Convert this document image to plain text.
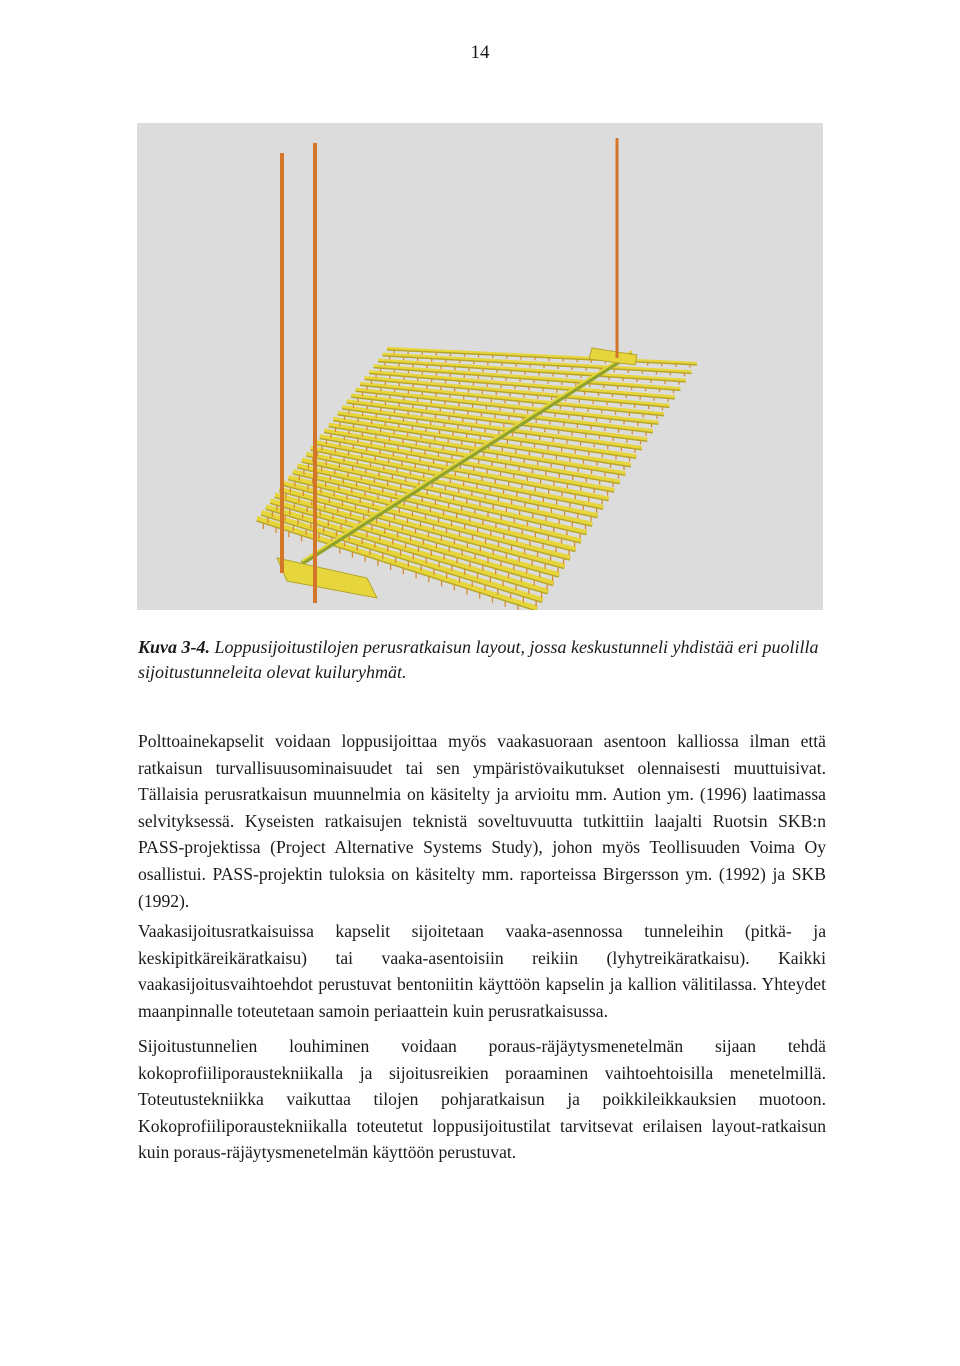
14
Kuva 3-4. Loppusijoitustilojen perusratkaisun layout, jossa keskustunneli yhdistää eri puolilla sijoitustunneleita olevat kuiluryhmät.

Polttoainekapselit voidaan loppusijoittaa myös vaakasuoraan asentoon kalliossa ilman että ratkaisun turvallisuusominaisuudet tai sen ympäristövaikutukset olennaisesti muuttuisivat. Tällaisia perusratkaisun muunnelmia on käsitelty ja arvioitu mm. Aution ym. (1996) laatimassa selvityksessä. Kyseisten ratkaisujen teknistä soveltuvuutta tutkittiin laajalti Ruotsin SKB:n PASS-projektissa (Project Alternative Systems Study), johon myös Teollisuuden Voima Oy osallistui. PASS-projektin tuloksia on käsitelty mm. raporteissa Birgersson ym. (1992) ja SKB (1992).

Vaakasijoitusratkaisuissa kapselit sijoitetaan vaaka-asennossa tunneleihin (pitkä- ja keskipitkäreikäratkaisu) tai vaaka-asentoisiin reikiin (lyhytreikäratkaisu). Kaikki vaakasijoitusvaihtoehdot perustuvat bentoniitin käyttöön kapselin ja kallion välitilassa. Yhteydet maanpinnalle toteutetaan samoin periaattein kuin perusratkaisussa.

Sijoitustunnelien louhiminen voidaan poraus-räjäytysmenetelmän sijaan tehdä kokoprofiiliporaustekniikalla ja sijoitusreikien poraaminen vaihtoehtoisilla menetelmillä. Toteutustekniikka vaikuttaa tilojen pohjaratkaisun ja poikkileikkauksien muotoon. Kokoprofiiliporaustekniikalla toteutetut loppusijoitustilat tarvitsevat erilaisen layout-ratkaisun kuin poraus-räjäytysmenetelmän käyttöön perustuvat.
